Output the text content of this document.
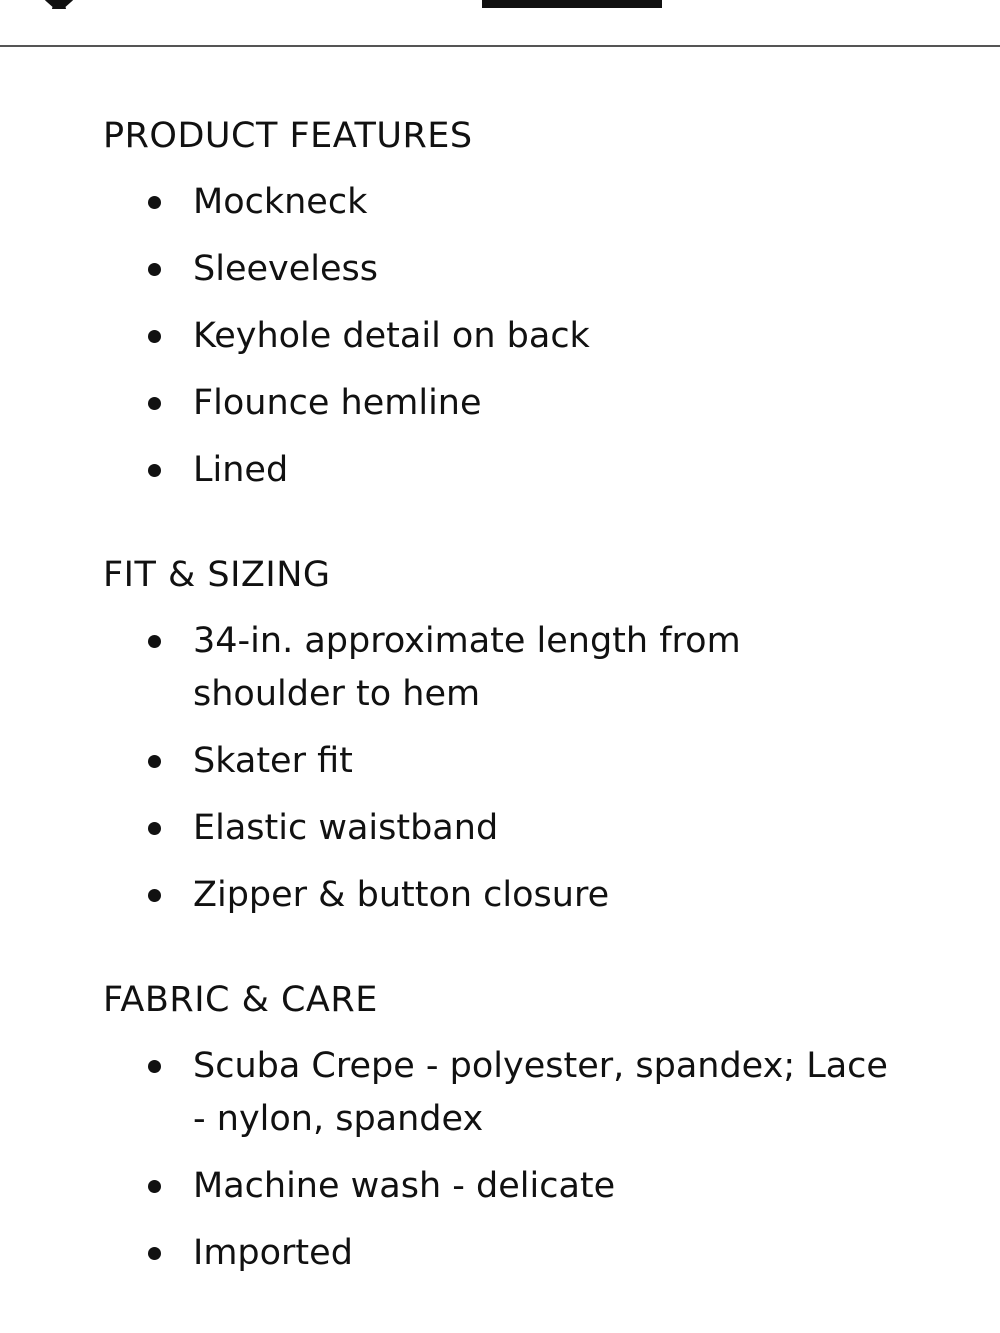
PRODUCT FEATURES
Mockneck
Sleeveless
Keyhole detail on back
Flounce hemline
Lined
FIT & SIZING
34-in. approximate length from shoulder to hem
Skater fit
Elastic waistband
Zipper & button closure
FABRIC & CARE
Scuba Crepe - polyester, spandex; Lace - nylon, spandex
Machine wash - delicate
Imported
